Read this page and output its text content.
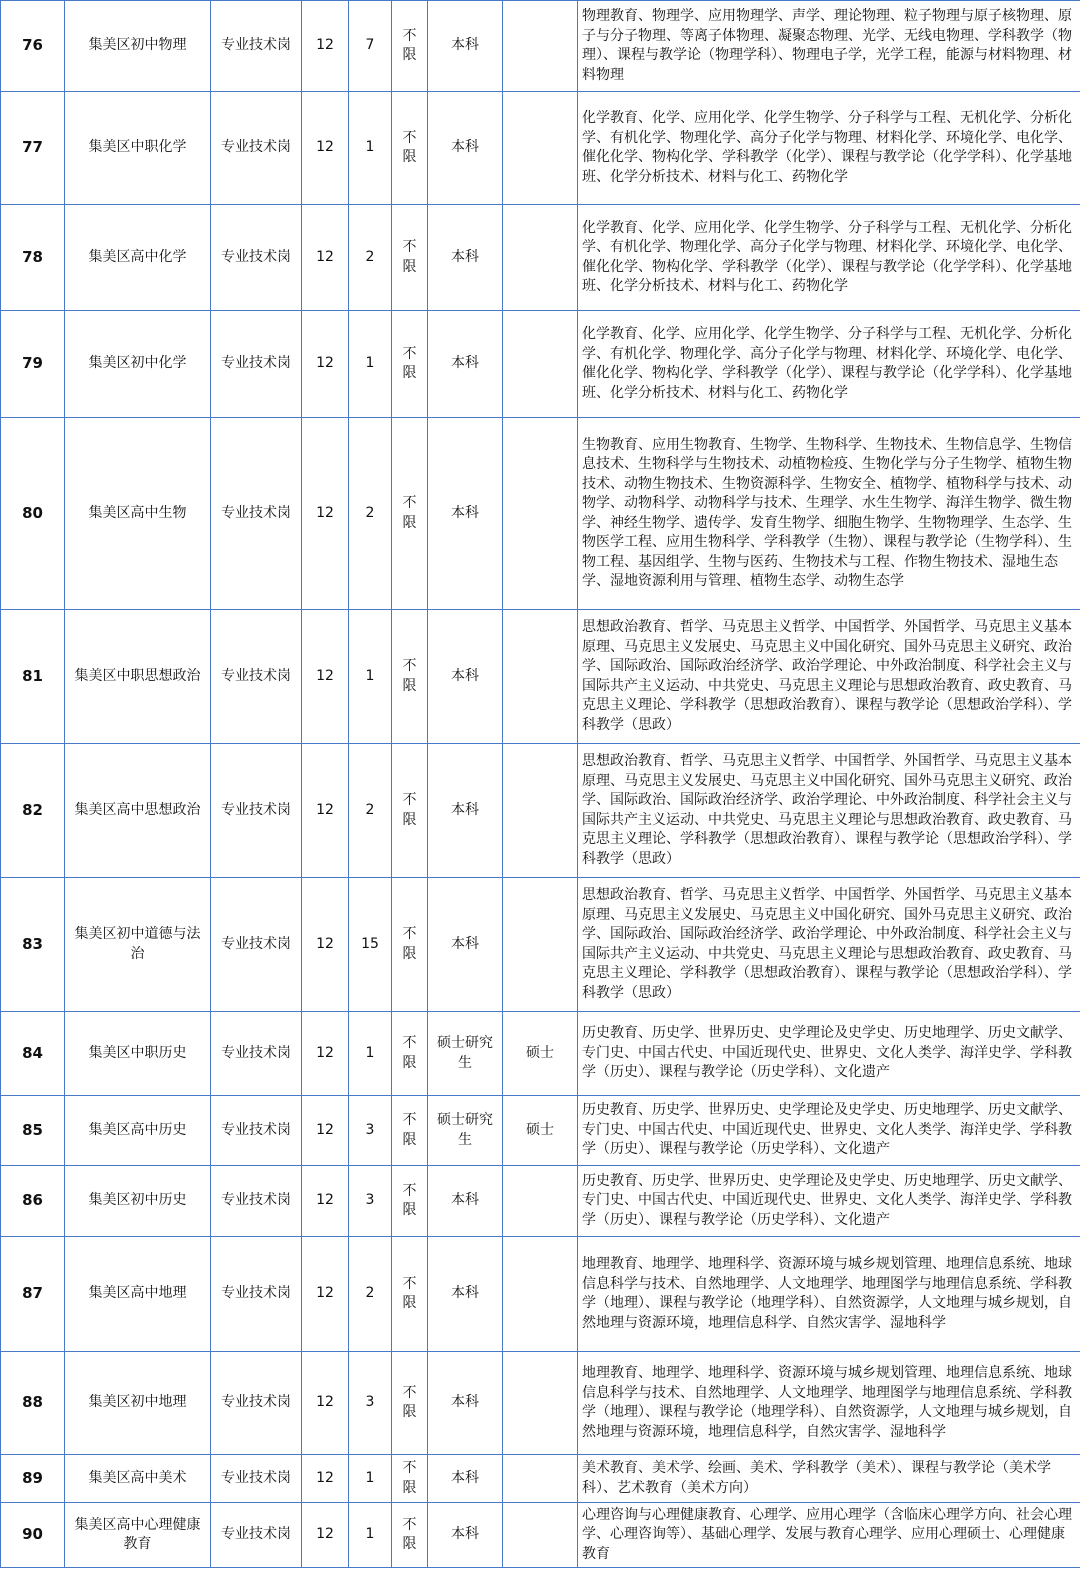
76	集美区初中物理	专业技术岗	12	7	不限	本科		物理教育、物理学、应用物理学、声学、理论物理、粒子物理与原子核物理、原子与分子物理、等离子体物理、凝聚态物理、光学、无线电物理、学科教学（物理）、课程与教学论（物理学科）、物理电子学，光学工程，能源与材料物理、材料物理
77	集美区中职化学	专业技术岗	12	1	不限	本科		化学教育、化学、应用化学、化学生物学、分子科学与工程、无机化学、分析化学、有机化学、物理化学、高分子化学与物理、材料化学、环境化学、电化学、催化化学、物构化学、学科教学（化学）、课程与教学论（化学学科）、化学基地班、化学分析技术、材料与化工、药物化学
78	集美区高中化学	专业技术岗	12	2	不限	本科		化学教育、化学、应用化学、化学生物学、分子科学与工程、无机化学、分析化学、有机化学、物理化学、高分子化学与物理、材料化学、环境化学、电化学、催化化学、物构化学、学科教学（化学）、课程与教学论（化学学科）、化学基地班、化学分析技术、材料与化工、药物化学
79	集美区初中化学	专业技术岗	12	1	不限	本科		化学教育、化学、应用化学、化学生物学、分子科学与工程、无机化学、分析化学、有机化学、物理化学、高分子化学与物理、材料化学、环境化学、电化学、催化化学、物构化学、学科教学（化学）、课程与教学论（化学学科）、化学基地班、化学分析技术、材料与化工、药物化学
80	集美区高中生物	专业技术岗	12	2	不限	本科		生物教育、应用生物教育、生物学、生物科学、生物技术、生物信息学、生物信息技术、生物科学与生物技术、动植物检疫、生物化学与分子生物学、植物生物技术、动物生物技术、生物资源科学、生物安全、植物学、植物科学与技术、动物学、动物科学、动物科学与技术、生理学、水生生物学、海洋生物学、微生物学、神经生物学、遗传学、发育生物学、细胞生物学、生物物理学、生态学、生物医学工程、应用生物科学、学科教学（生物）、课程与教学论（生物学科）、生物工程、基因组学、生物与医药、生物技术与工程、作物生物技术、湿地生态学、湿地资源利用与管理、植物生态学、动物生态学
81	集美区中职思想政治	专业技术岗	12	1	不限	本科		思想政治教育、哲学、马克思主义哲学、中国哲学、外国哲学、马克思主义基本原理、马克思主义发展史、马克思主义中国化研究、国外马克思主义研究、政治学、国际政治、国际政治经济学、政治学理论、中外政治制度、科学社会主义与国际共产主义运动、中共党史、马克思主义理论与思想政治教育、政史教育、马克思主义理论、学科教学（思想政治教育）、课程与教学论（思想政治学科）、学科教学（思政）
82	集美区高中思想政治	专业技术岗	12	2	不限	本科		思想政治教育、哲学、马克思主义哲学、中国哲学、外国哲学、马克思主义基本原理、马克思主义发展史、马克思主义中国化研究、国外马克思主义研究、政治学、国际政治、国际政治经济学、政治学理论、中外政治制度、科学社会主义与国际共产主义运动、中共党史、马克思主义理论与思想政治教育、政史教育、马克思主义理论、学科教学（思想政治教育）、课程与教学论（思想政治学科）、学科教学（思政）
83	集美区初中道德与法治	专业技术岗	12	15	不限	本科		思想政治教育、哲学、马克思主义哲学、中国哲学、外国哲学、马克思主义基本原理、马克思主义发展史、马克思主义中国化研究、国外马克思主义研究、政治学、国际政治、国际政治经济学、政治学理论、中外政治制度、科学社会主义与国际共产主义运动、中共党史、马克思主义理论与思想政治教育、政史教育、马克思主义理论、学科教学（思想政治教育）、课程与教学论（思想政治学科）、学科教学（思政）
84	集美区中职历史	专业技术岗	12	1	不限	硕士研究生	硕士	历史教育、历史学、世界历史、史学理论及史学史、历史地理学、历史文献学、专门史、中国古代史、中国近现代史、世界史、文化人类学、海洋史学、学科教学（历史）、课程与教学论（历史学科）、文化遗产
85	集美区高中历史	专业技术岗	12	3	不限	硕士研究生	硕士	历史教育、历史学、世界历史、史学理论及史学史、历史地理学、历史文献学、专门史、中国古代史、中国近现代史、世界史、文化人类学、海洋史学、学科教学（历史）、课程与教学论（历史学科）、文化遗产
86	集美区初中历史	专业技术岗	12	3	不限	本科		历史教育、历史学、世界历史、史学理论及史学史、历史地理学、历史文献学、专门史、中国古代史、中国近现代史、世界史、文化人类学、海洋史学、学科教学（历史）、课程与教学论（历史学科）、文化遗产
87	集美区高中地理	专业技术岗	12	2	不限	本科		地理教育、地理学、地理科学、资源环境与城乡规划管理、地理信息系统、地球信息科学与技术、自然地理学、人文地理学、地理图学与地理信息系统、学科教学（地理）、课程与教学论（地理学科）、自然资源学，人文地理与城乡规划，自然地理与资源环境，地理信息科学、自然灾害学、湿地科学
88	集美区初中地理	专业技术岗	12	3	不限	本科		地理教育、地理学、地理科学、资源环境与城乡规划管理、地理信息系统、地球信息科学与技术、自然地理学、人文地理学、地理图学与地理信息系统、学科教学（地理）、课程与教学论（地理学科）、自然资源学，人文地理与城乡规划，自然地理与资源环境，地理信息科学，自然灾害学、湿地科学
89	集美区高中美术	专业技术岗	12	1	不限	本科		美术教育、美术学、绘画、美术、学科教学（美术）、课程与教学论（美术学科）、艺术教育（美术方向）
90	集美区高中心理健康教育	专业技术岗	12	1	不限	本科		心理咨询与心理健康教育、心理学、应用心理学（含临床心理学方向、社会心理学、心理咨询等）、基础心理学、发展与教育心理学、应用心理硕士、心理健康教育
